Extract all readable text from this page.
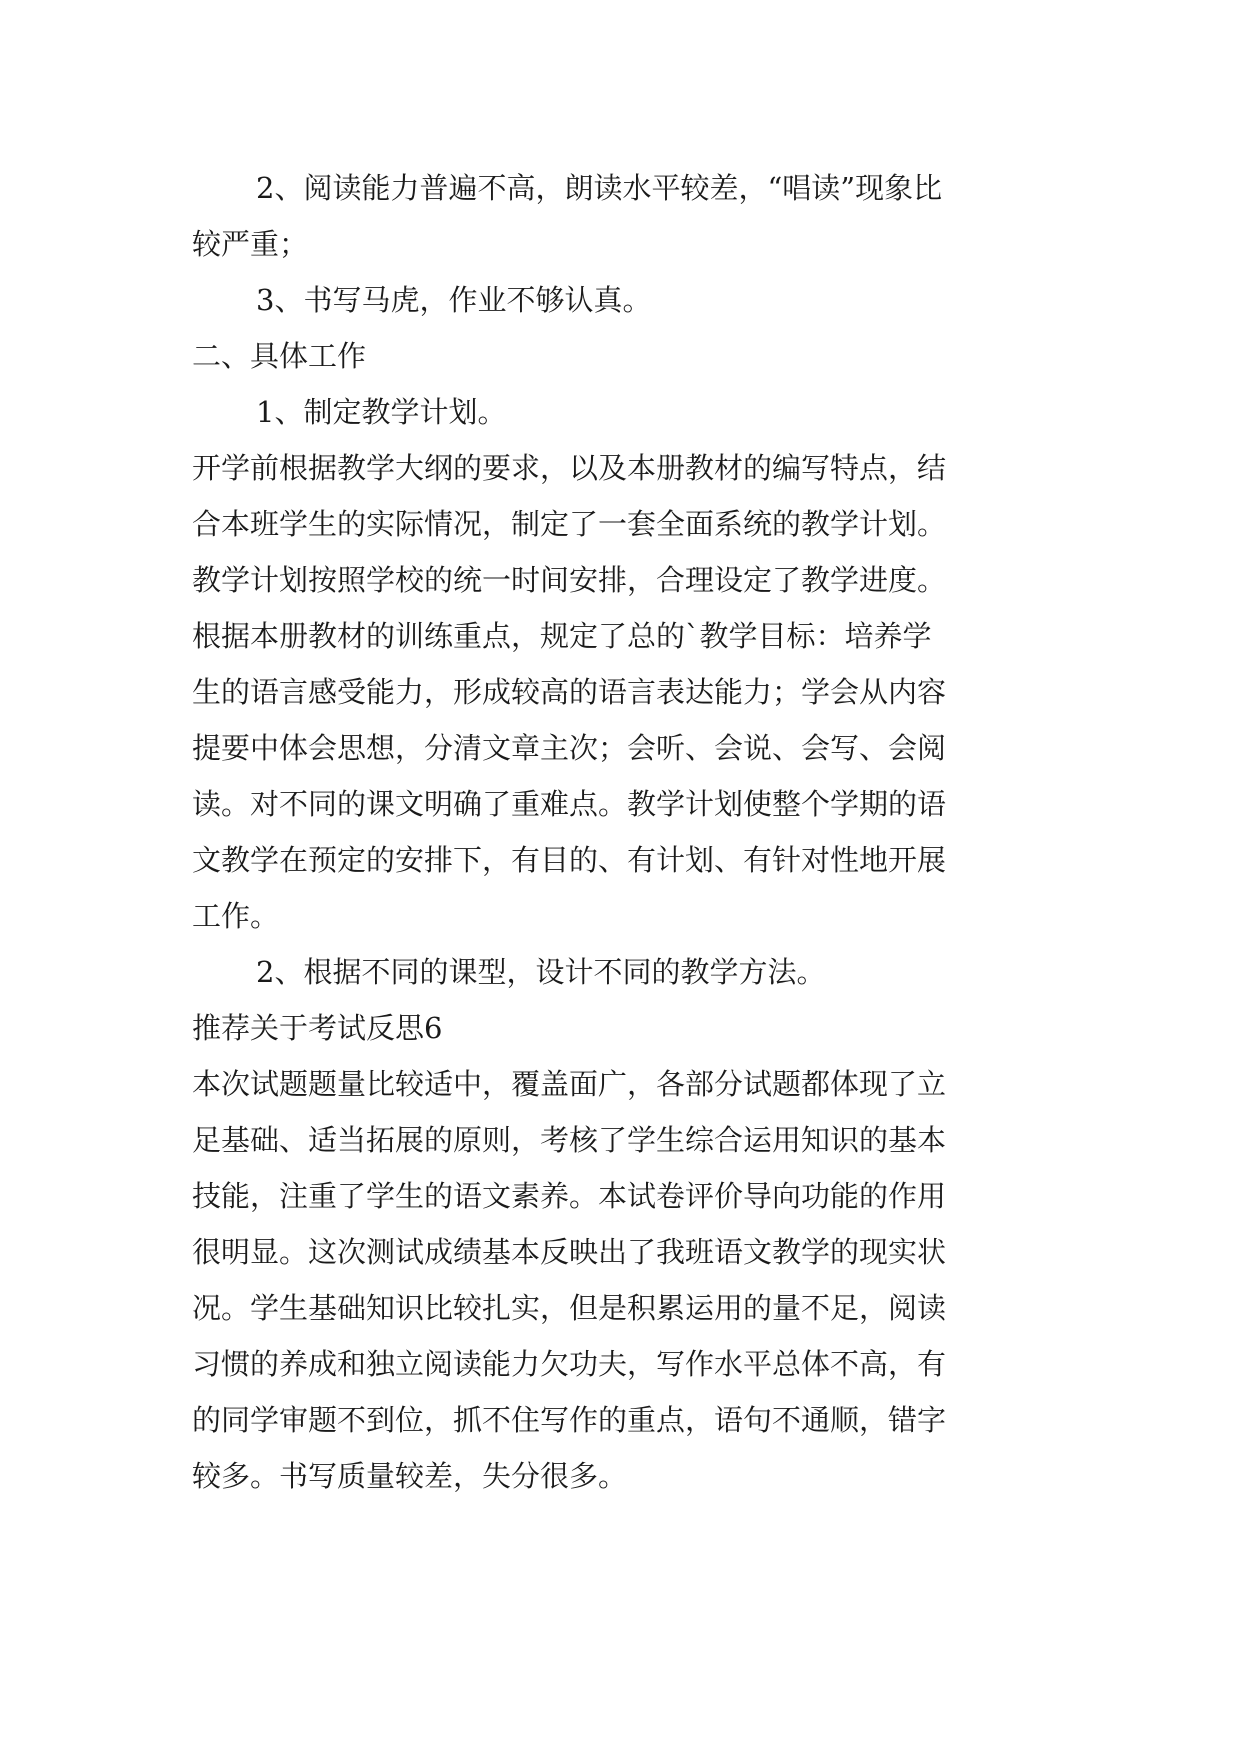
2、阅读能力普遍不高，朗读水平较差，“唱读”现象比

较严重；

3、书写马虎，作业不够认真。

二、具体工作

1、制定教学计划。

开学前根据教学大纲的要求，以及本册教材的编写特点，结

合本班学生的实际情况，制定了一套全面系统的教学计划。

教学计划按照学校的统一时间安排，合理设定了教学进度。

根据本册教材的训练重点，规定了总的`教学目标：培养学

生的语言感受能力，形成较高的语言表达能力；学会从内容

提要中体会思想，分清文章主次；会听、会说、会写、会阅

读。对不同的课文明确了重难点。教学计划使整个学期的语

文教学在预定的安排下，有目的、有计划、有针对性地开展

工作。

2、根据不同的课型，设计不同的教学方法。

推荐关于考试反思6

本次试题题量比较适中，覆盖面广，各部分试题都体现了立

足基础、适当拓展的原则，考核了学生综合运用知识的基本

技能，注重了学生的语文素养。本试卷评价导向功能的作用

很明显。这次测试成绩基本反映出了我班语文教学的现实状

况。学生基础知识比较扎实，但是积累运用的量不足，阅读

习惯的养成和独立阅读能力欠功夫，写作水平总体不高，有

的同学审题不到位，抓不住写作的重点，语句不通顺，错字

较多。书写质量较差，失分很多。
